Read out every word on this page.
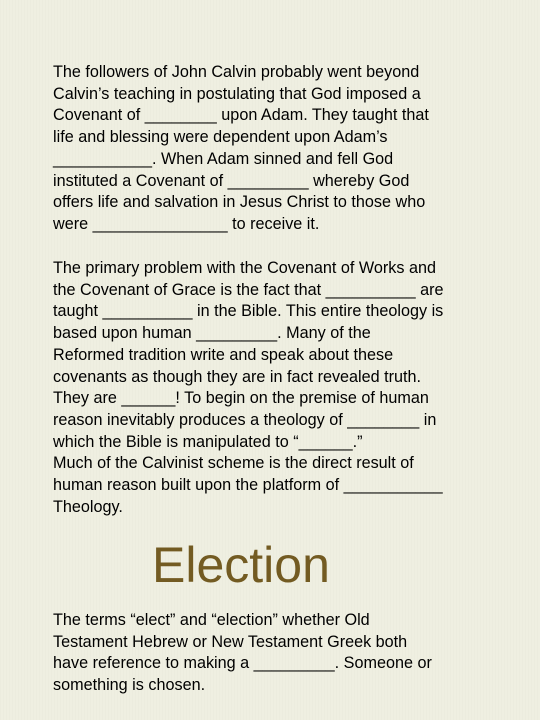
The followers of John Calvin probably went beyond
Calvin’s teaching in postulating that God imposed a
Covenant of ________ upon Adam. They taught that
life and blessing were dependent upon Adam’s
___________. When Adam sinned and fell God
instituted a Covenant of _________ whereby God
offers life and salvation in Jesus Christ to those who
were _______________ to receive it.

The primary problem with the Covenant of Works and
the Covenant of Grace is the fact that __________ are
taught __________ in the Bible. This entire theology is
based upon human _________. Many of the
Reformed tradition write and speak about these
covenants as though they are in fact revealed truth.
They are ______! To begin on the premise of human
reason inevitably produces a theology of ________ in
which the Bible is manipulated to “______.”
Much of the Calvinist scheme is the direct result of
human reason built upon the platform of ___________
Theology.

Election

The terms “elect” and “election” whether Old
Testament Hebrew or New Testament Greek both
have reference to making a _________. Someone or
something is chosen.
